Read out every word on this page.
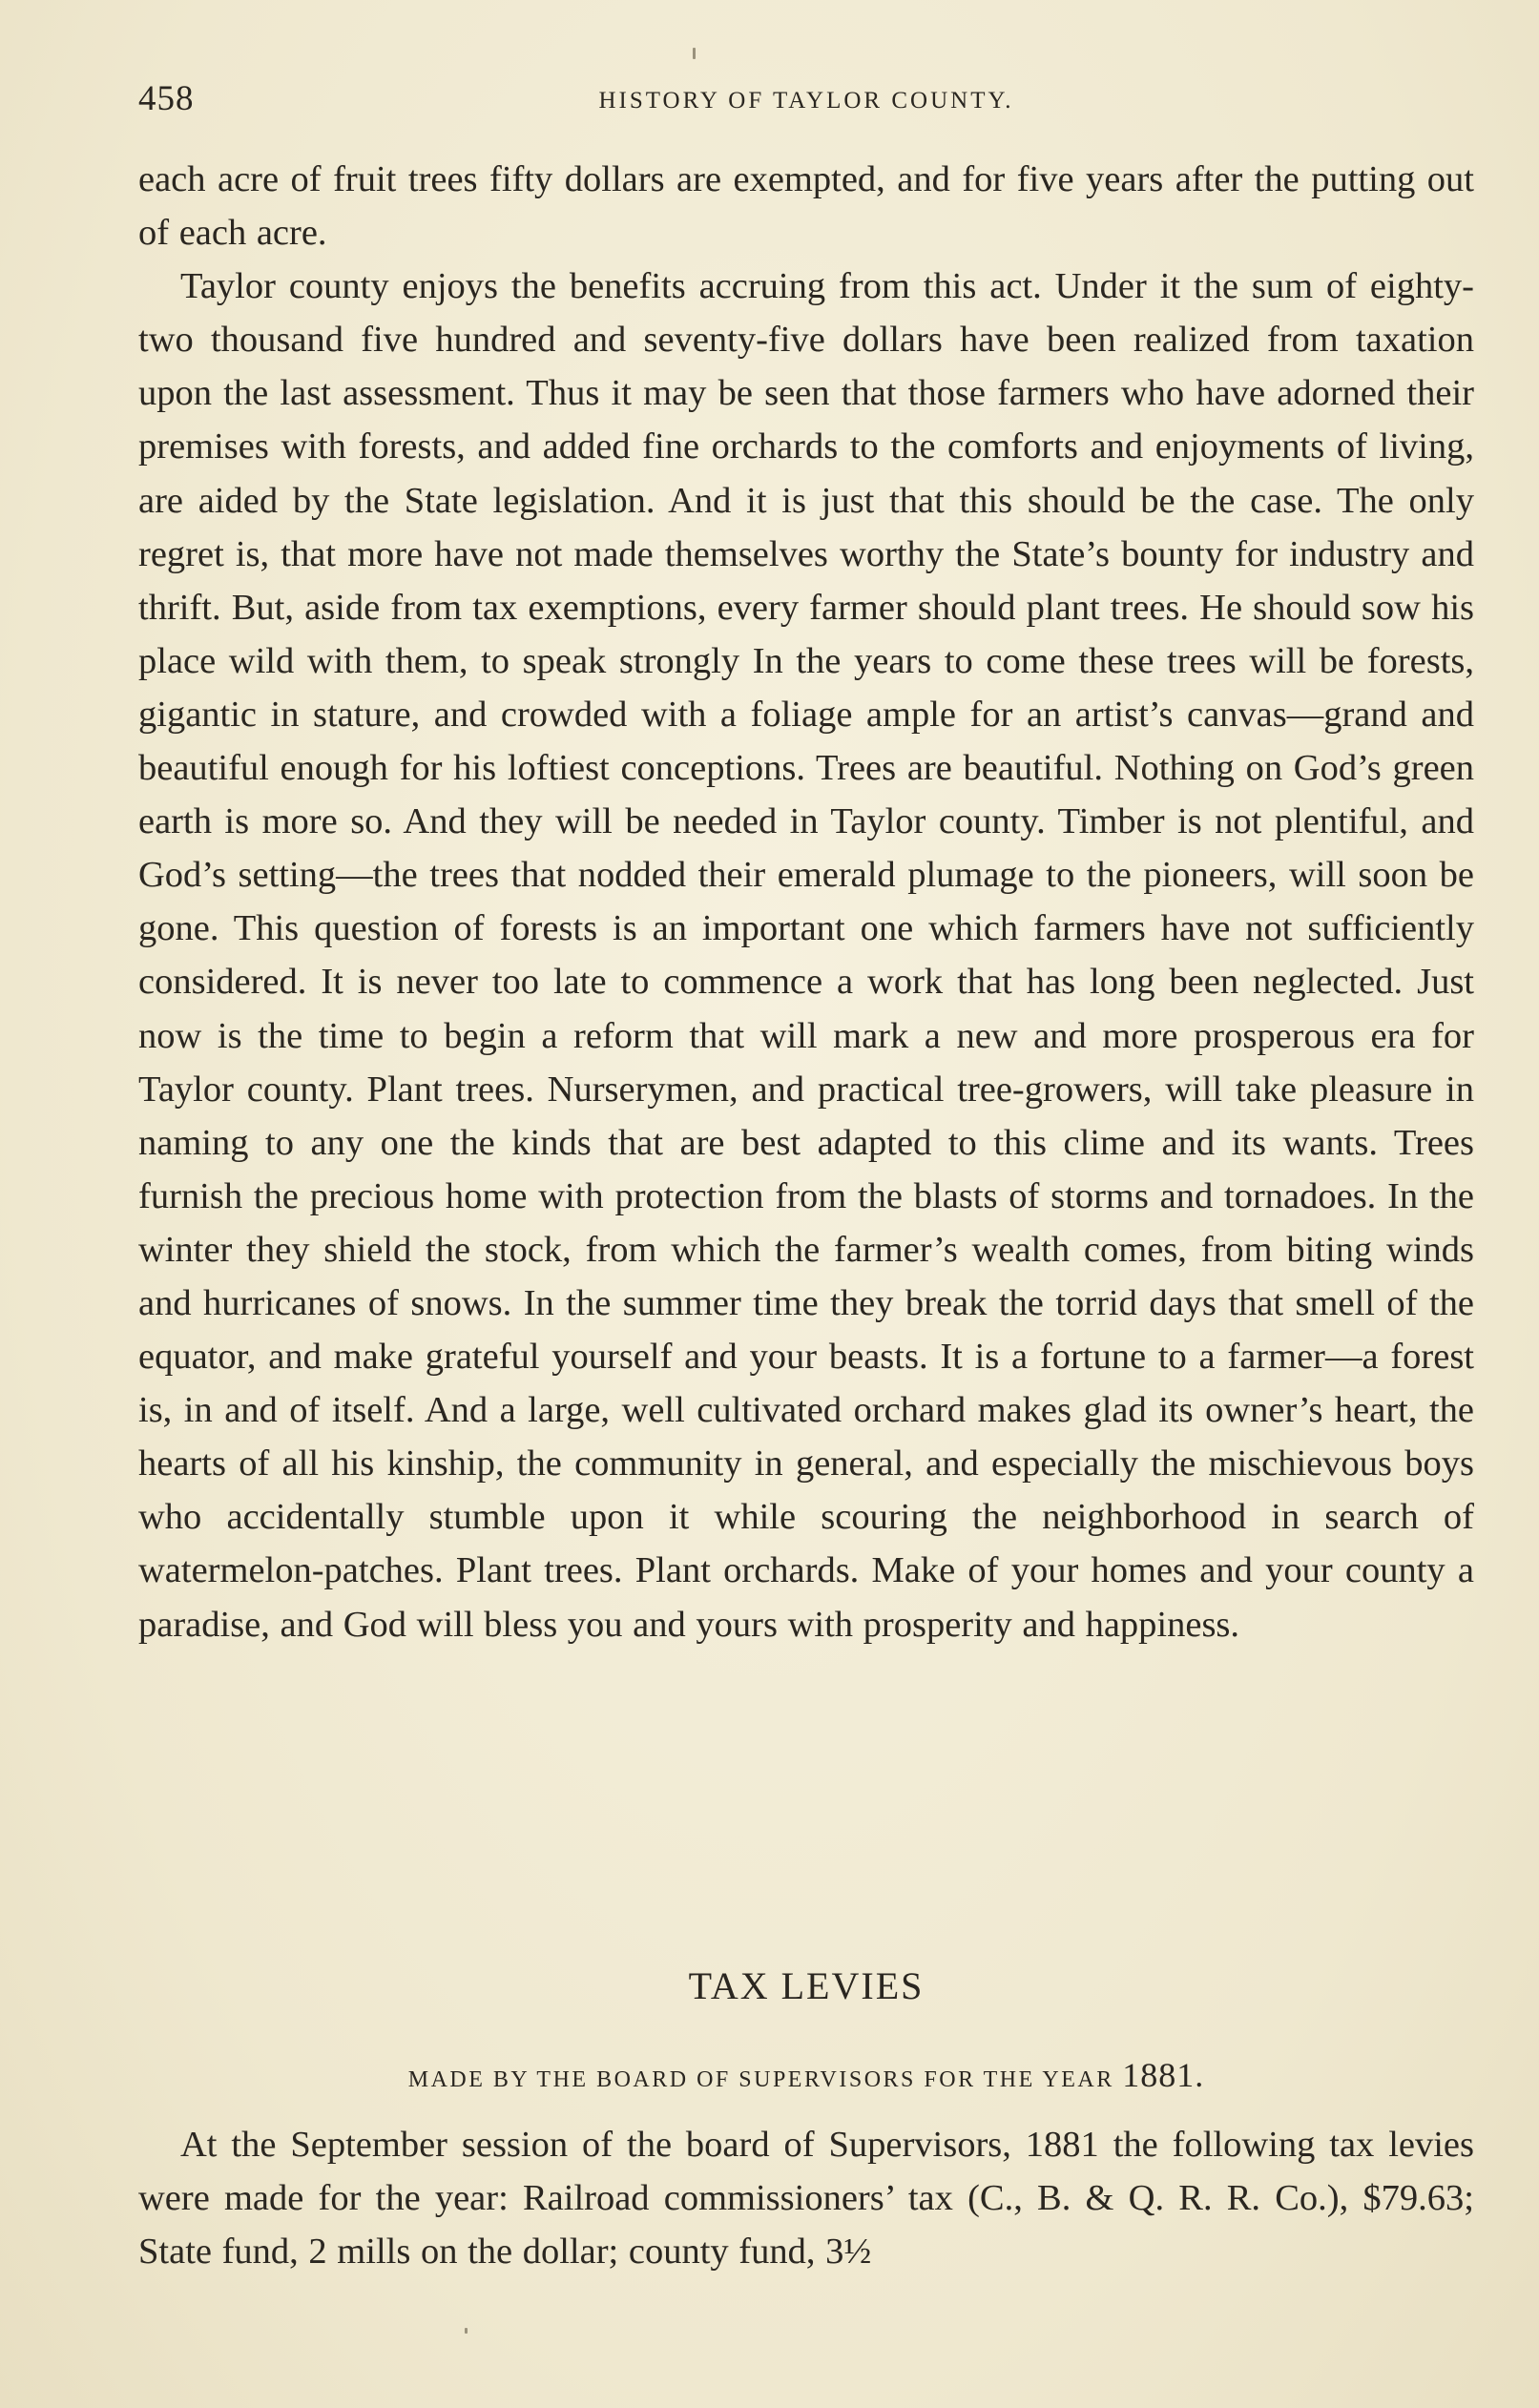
458	HISTORY OF TAYLOR COUNTY.

each acre of fruit trees fifty dollars are exempted, and for five years after the putting out of each acre.

Taylor county enjoys the benefits accruing from this act. Under it the sum of eighty-two thousand five hundred and seventy-five dollars have been realized from taxation upon the last assessment. Thus it may be seen that those farmers who have adorned their premises with forests, and added fine orchards to the comforts and enjoyments of living, are aided by the State legislation. And it is just that this should be the case. The only regret is, that more have not made themselves worthy the State’s bounty for industry and thrift. But, aside from tax exemptions, every farmer should plant trees. He should sow his place wild with them, to speak strongly In the years to come these trees will be forests, gigantic in stature, and crowded with a foliage ample for an artist’s canvas—grand and beautiful enough for his loftiest conceptions. Trees are beautiful. Nothing on God’s green earth is more so. And they will be needed in Taylor county. Timber is not plentiful, and God’s setting—the trees that nodded their emerald plumage to the pioneers, will soon be gone. This question of forests is an important one which farmers have not sufficiently considered. It is never too late to commence a work that has long been neglected. Just now is the time to begin a reform that will mark a new and more prosperous era for Taylor county. Plant trees. Nurserymen, and practical tree-growers, will take pleasure in naming to any one the kinds that are best adapted to this clime and its wants. Trees furnish the precious home with protection from the blasts of storms and tornadoes. In the winter they shield the stock, from which the farmer’s wealth comes, from biting winds and hurricanes of snows. In the summer time they break the torrid days that smell of the equator, and make grateful yourself and your beasts. It is a fortune to a farmer—a forest is, in and of itself. And a large, well cultivated orchard makes glad its owner’s heart, the hearts of all his kinship, the community in general, and especially the mischievous boys who accidentally stumble upon it while scouring the neighborhood in search of watermelon-patches. Plant trees. Plant orchards. Make of your homes and your county a paradise, and God will bless you and yours with prosperity and happiness.

TAX LEVIES
MADE BY THE BOARD OF SUPERVISORS FOR THE YEAR 1881.

At the September session of the board of Supervisors, 1881 the following tax levies were made for the year: Railroad commissioners’ tax (C., B. & Q. R. R. Co.), $79.63; State fund, 2 mills on the dollar; county fund, 3½
